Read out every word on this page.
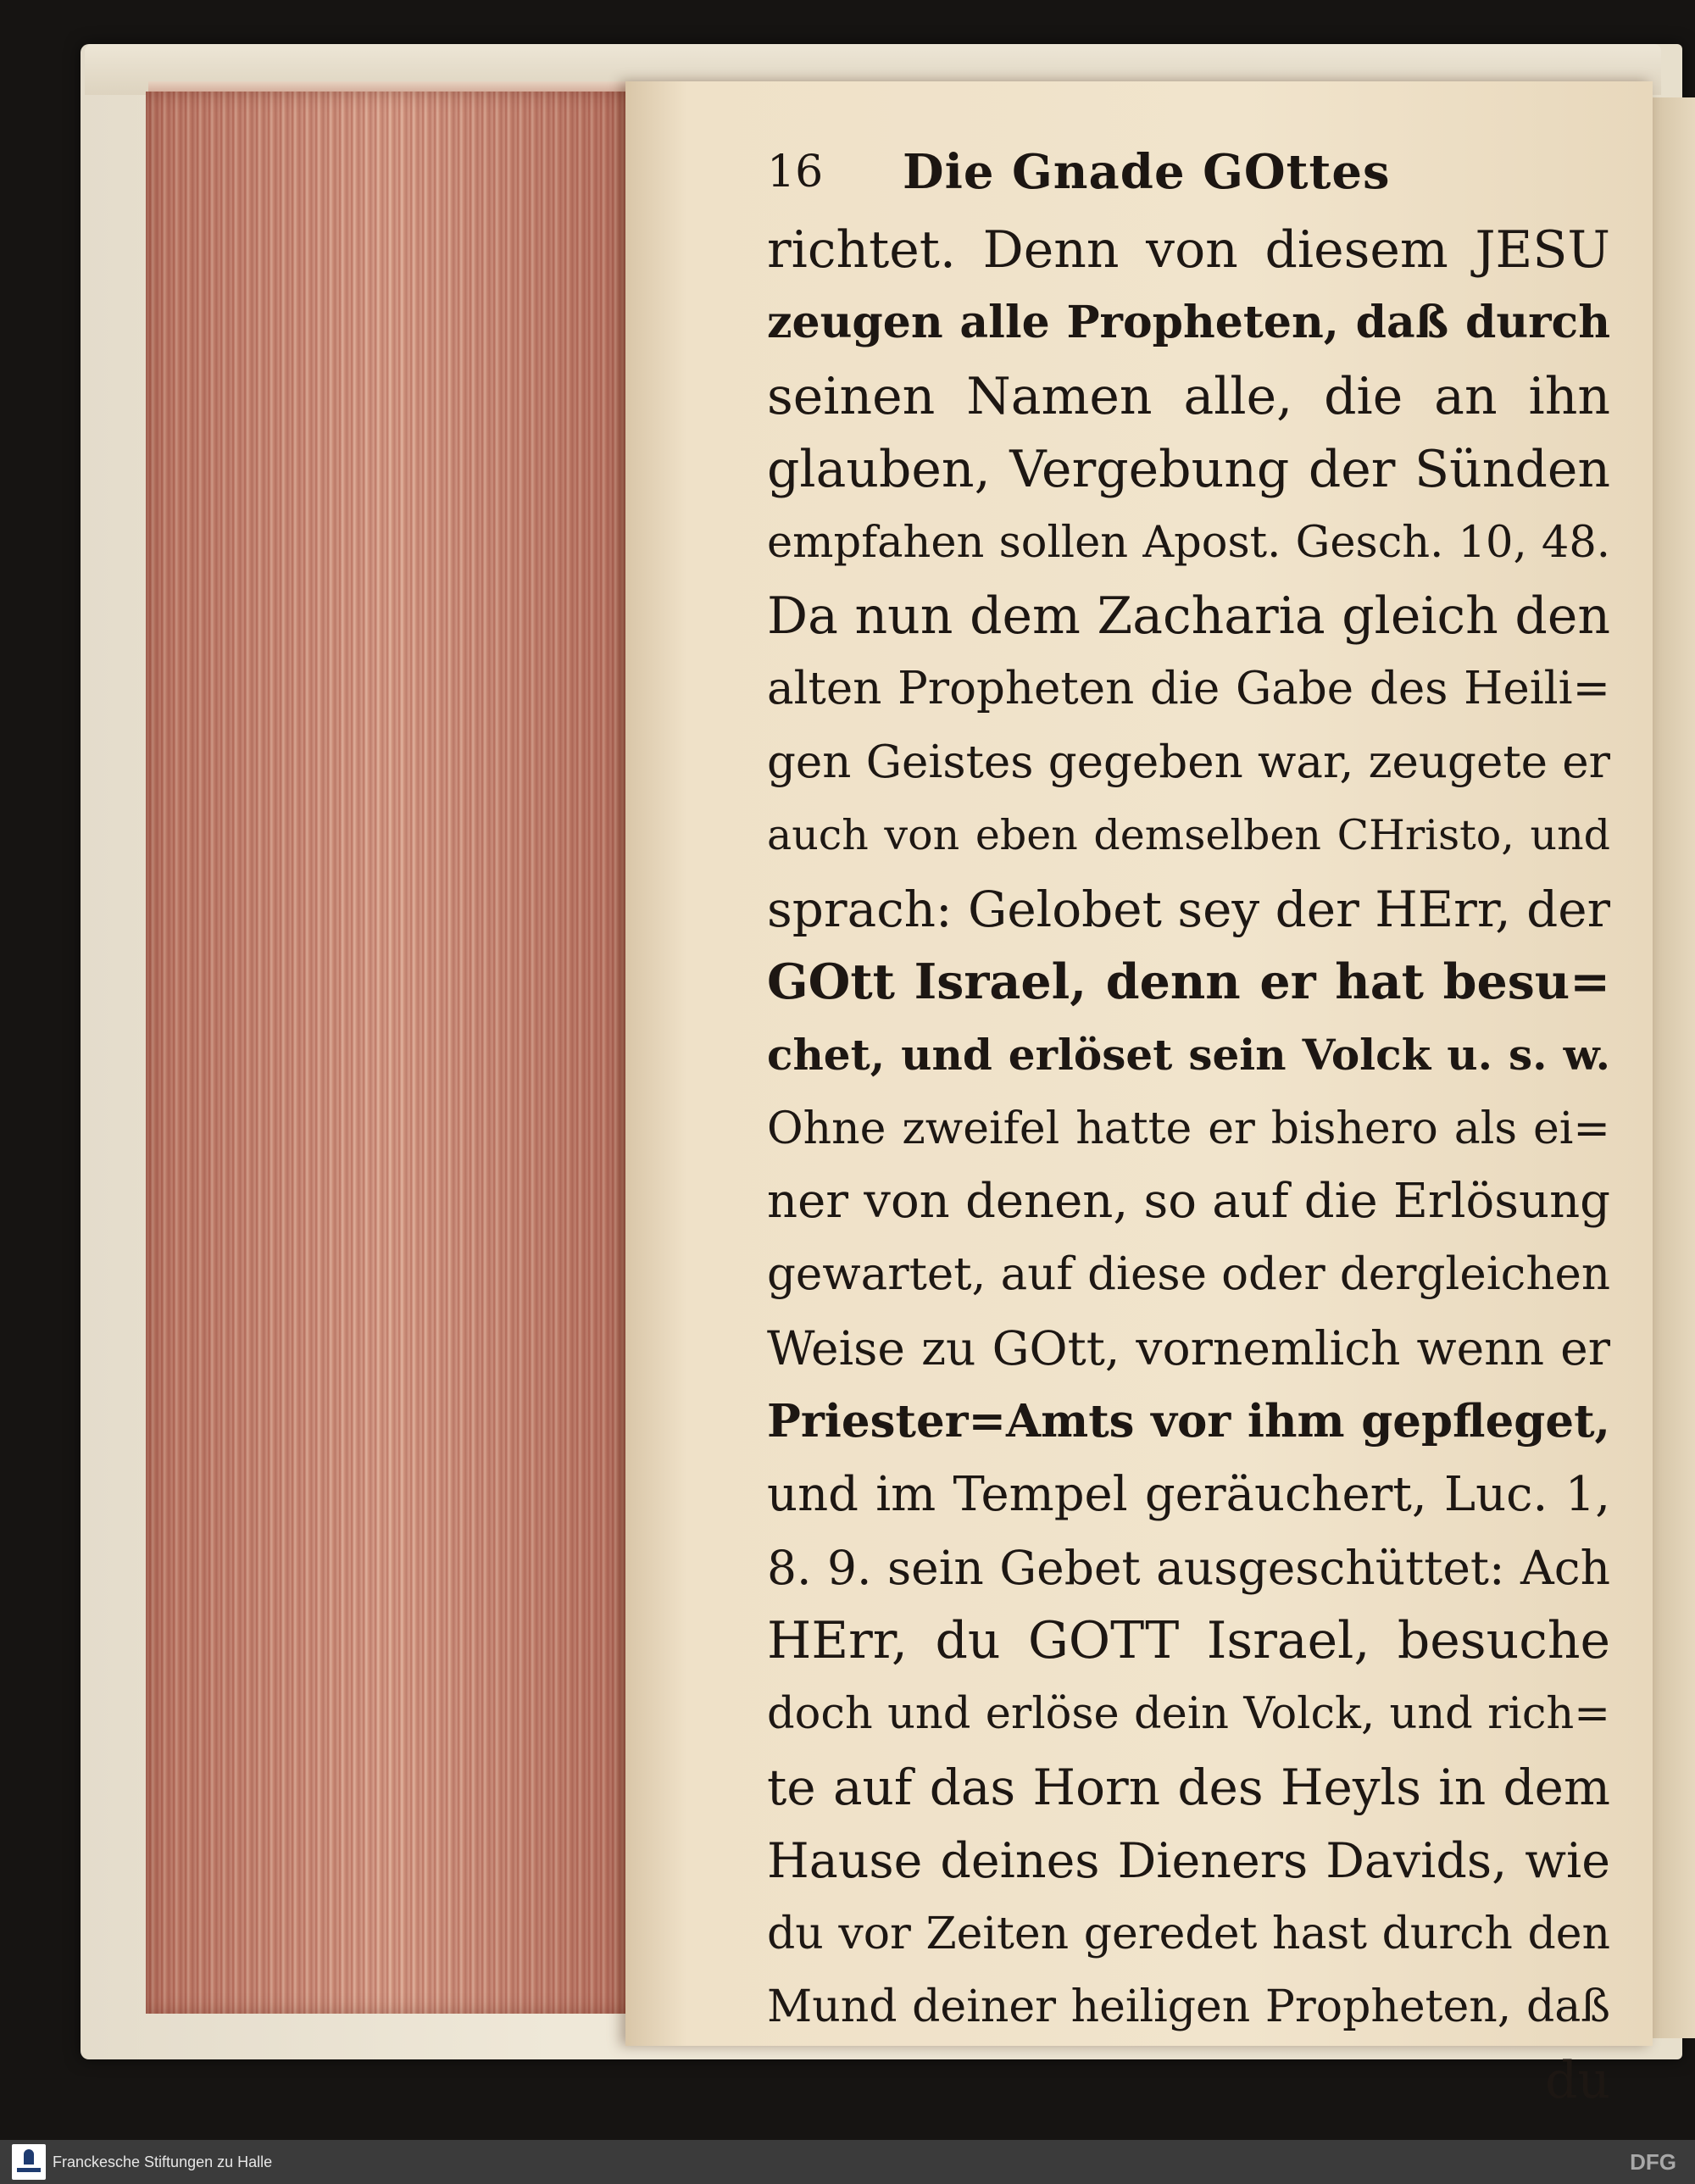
16 Die Gnade GOttes
richtet. Denn von diesem JESU
zeugen alle Propheten, daß durch
seinen Namen alle, die an ihn
glauben, Vergebung der Sünden
empfahen sollen Apost. Gesch. 10, 48.
Da nun dem Zacharia gleich den
alten Propheten die Gabe des Heili=
gen Geistes gegeben war, zeugete er
auch von eben demselben CHristo, und
sprach: Gelobet sey der HErr, der
GOtt Israel, denn er hat besu=
chet, und erlöset sein Volck u. s. w.
Ohne zweifel hatte er bishero als ei=
ner von denen, so auf die Erlösung
gewartet, auf diese oder dergleichen
Weise zu GOtt, vornemlich wenn er
Priester=Amts vor ihm gepfleget,
und im Tempel geräuchert, Luc. 1,
8. 9. sein Gebet ausgeschüttet: Ach
HErr, du GOTT Israel, besuche
doch und erlöse dein Volck, und rich=
te auf das Horn des Heyls in dem
Hause deines Dieners Davids, wie
du vor Zeiten geredet hast durch den
Mund deiner heiligen Propheten, daß
du
Franckesche Stiftungen zu Halle	DFG
